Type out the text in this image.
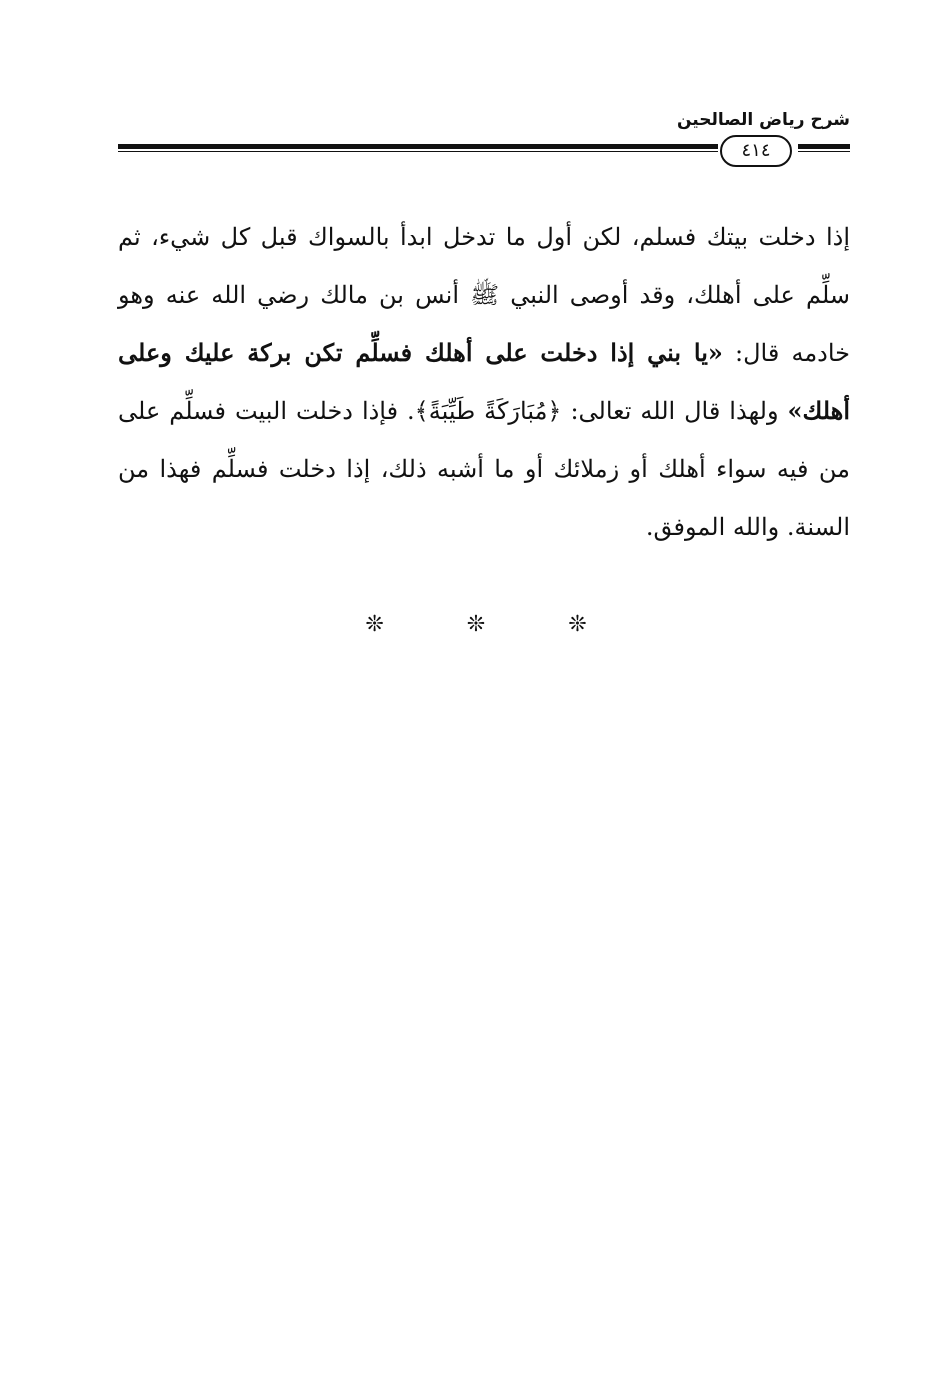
شرح رياض الصالحين
٤١٤

إذا دخلت بيتك فسلم، لكن أول ما تدخل ابدأ بالسواك قبل كل شيء، ثم سلِّم على أهلك، وقد أوصى النبي ﷺ أنس بن مالك رضي الله عنه وهو خادمه قال: «يا بني إذا دخلت على أهلك فسلِّم تكن بركة عليك وعلى أهلك» ولهذا قال الله تعالى: ﴿مُبَارَكَةً طَيِّبَةً﴾. فإذا دخلت البيت فسلِّم على من فيه سواء أهلك أو زملائك أو ما أشبه ذلك، إذا دخلت فسلِّم فهذا من السنة. والله الموفق.

❊	❊	❊
